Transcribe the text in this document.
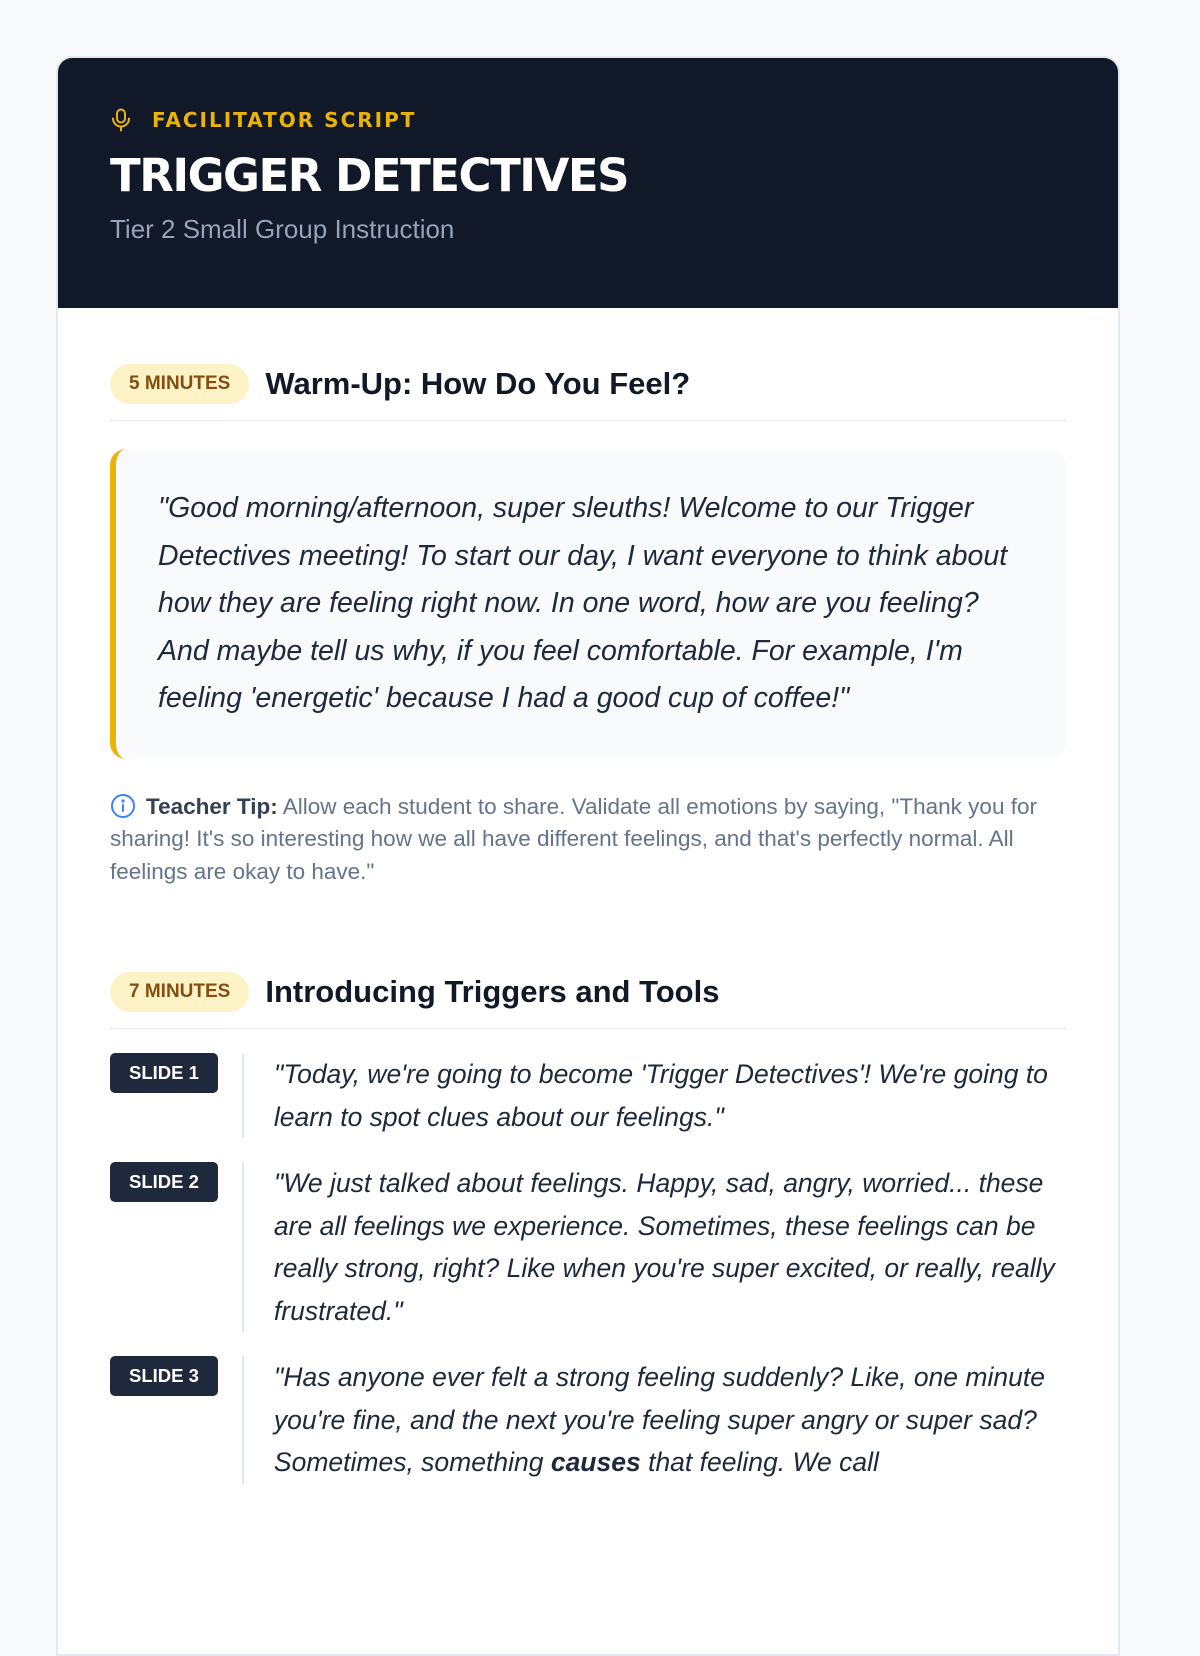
FACILITATOR SCRIPT
TRIGGER DETECTIVES
Tier 2 Small Group Instruction
5 MINUTES	Warm-Up: How Do You Feel?
"Good morning/afternoon, super sleuths! Welcome to our Trigger Detectives meeting! To start our day, I want everyone to think about how they are feeling right now. In one word, how are you feeling? And maybe tell us why, if you feel comfortable. For example, I'm feeling 'energetic' because I had a good cup of coffee!"
Teacher Tip: Allow each student to share. Validate all emotions by saying, "Thank you for sharing! It's so interesting how we all have different feelings, and that's perfectly normal. All feelings are okay to have."
7 MINUTES	Introducing Triggers and Tools
SLIDE 1	"Today, we're going to become 'Trigger Detectives'! We're going to learn to spot clues about our feelings."
SLIDE 2	"We just talked about feelings. Happy, sad, angry, worried... these are all feelings we experience. Sometimes, these feelings can be really strong, right? Like when you're super excited, or really, really frustrated."
SLIDE 3	"Has anyone ever felt a strong feeling suddenly? Like, one minute you're fine, and the next you're feeling super angry or super sad? Sometimes, something causes that feeling. We call
